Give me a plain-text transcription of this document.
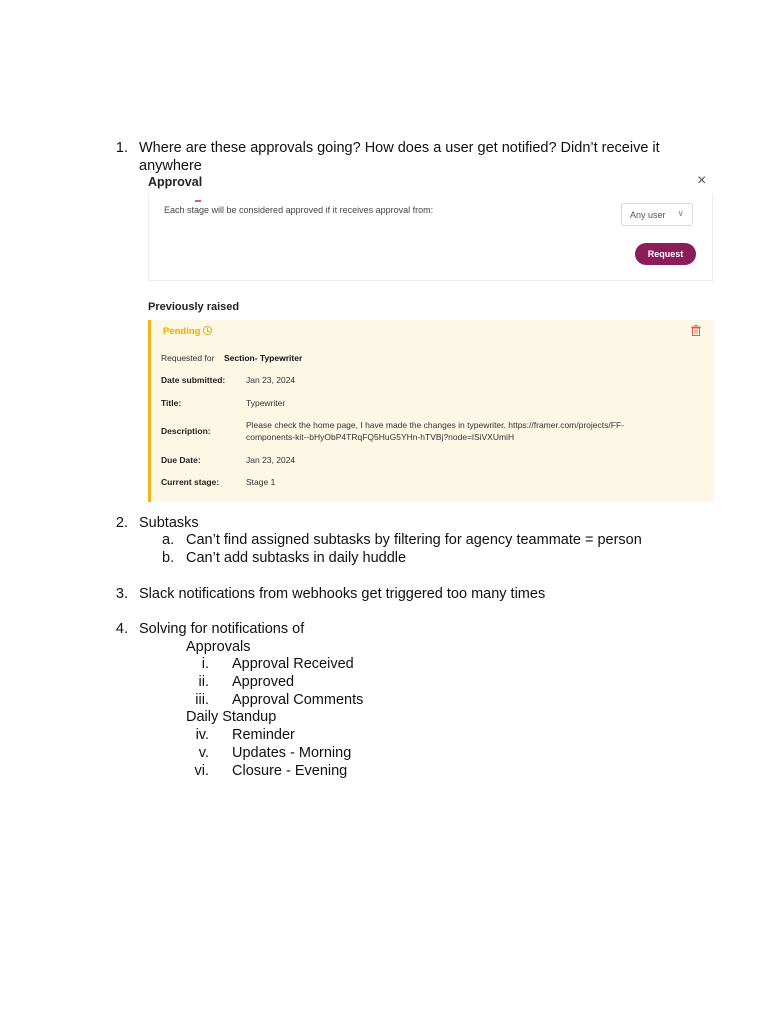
1. Where are these approvals going? How does a user get notified? Didn’t receive it
anywhere
Approval	×
Each stage will be considered approved if it receives approval from:	Any user ∨
Request
Previously raised
Pending
Requested for Section- Typewriter
Date submitted: Jan 23, 2024
Title:	Typewriter
Description:
Please check the home page, I have made the changes in typewriter. https://framer.com/projects/FF-
components-kit--bHyObP4TRqFQ5HuG5YHn-hTVBj?node=lSiVXUmiH
Due Date:	Jan 23, 2024
Current stage:	Stage 1
2. Subtasks
a. Can’t find assigned subtasks by filtering for agency teammate = person
b. Can’t add subtasks in daily huddle
3. Slack notifications from webhooks get triggered too many times
4. Solving for notifications of
Approvals
i. Approval Received
ii. Approved
iii. Approval Comments
Daily Standup
iv. Reminder
v. Updates - Morning
vi. Closure - Evening
